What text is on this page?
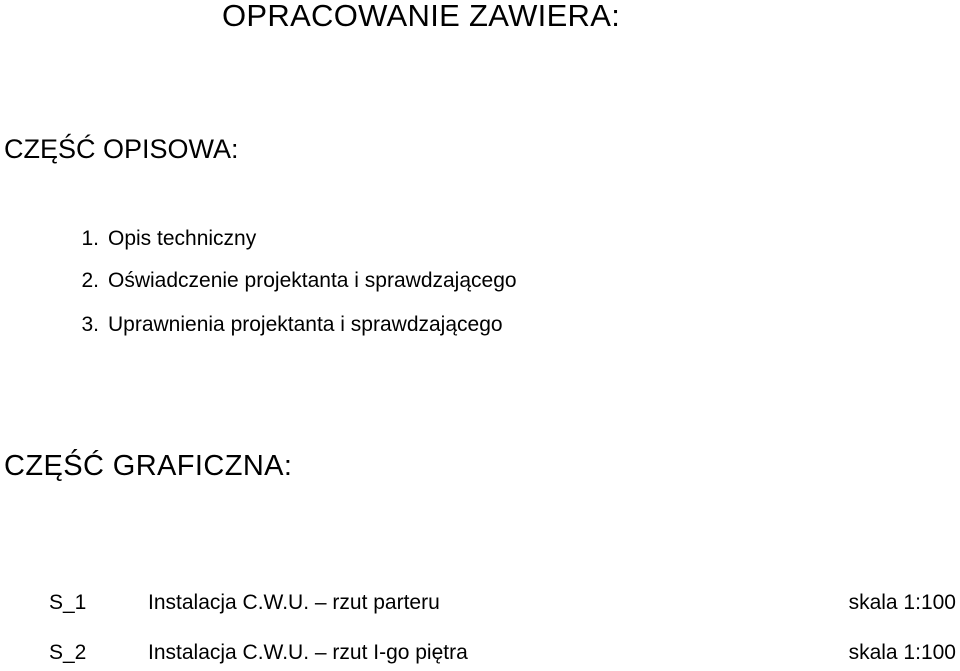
OPRACOWANIE ZAWIERA:
CZĘŚĆ OPISOWA:
1. Opis techniczny
2. Oświadczenie projektanta i sprawdzającego
3. Uprawnienia projektanta i sprawdzającego
CZĘŚĆ GRAFICZNA:
S_1	Instalacja C.W.U. – rzut parteru	skala 1:100
S_2	Instalacja C.W.U. – rzut I-go piętra	skala 1:100
